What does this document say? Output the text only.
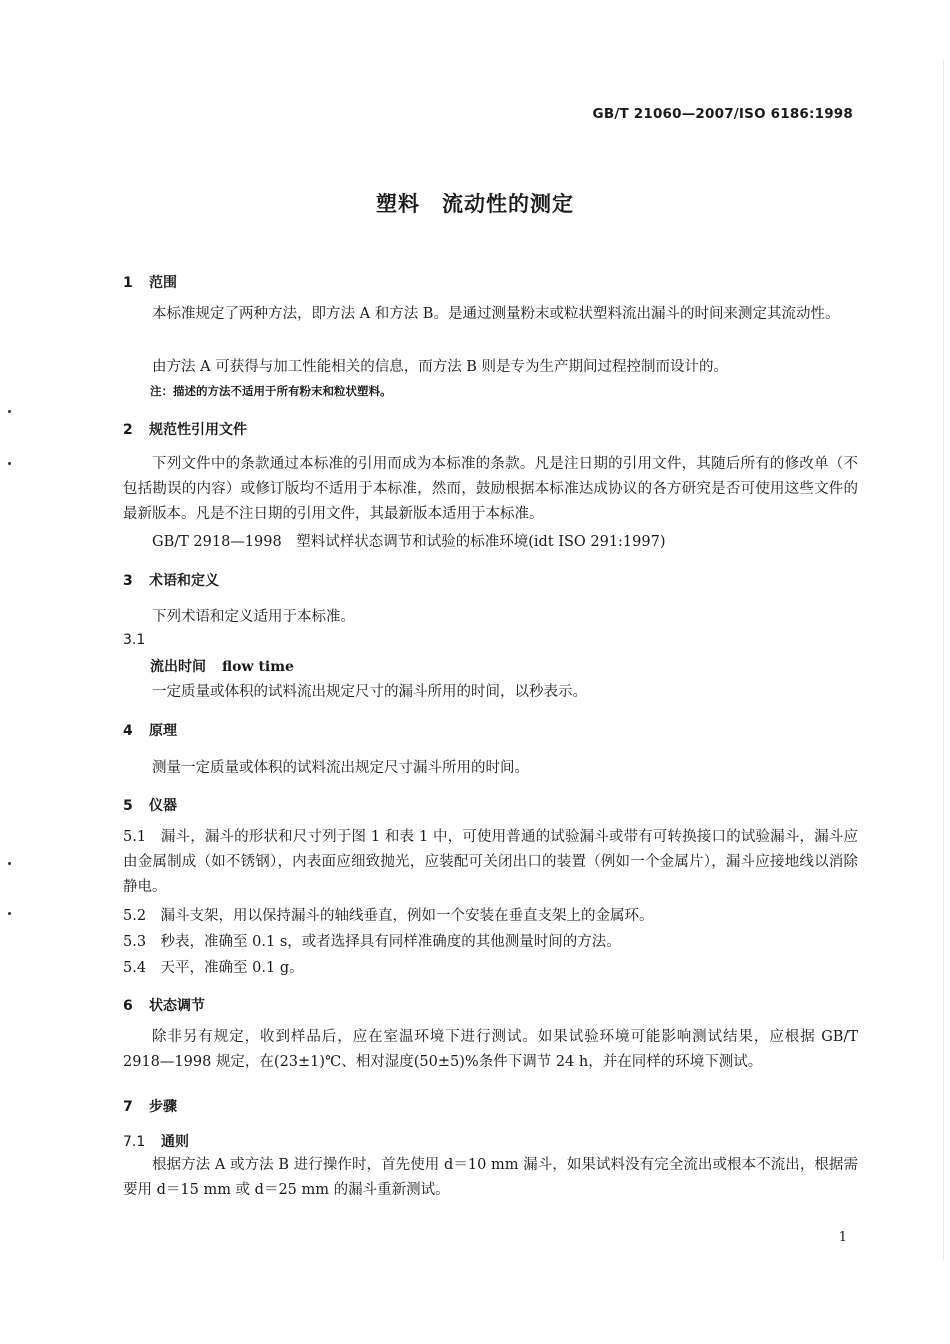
GB/T 21060—2007/ISO 6186:1998
塑料　流动性的测定
1 范围
本标准规定了两种方法，即方法 A 和方法 B。是通过测量粉末或粒状塑料流出漏斗的时间来测定其流动性。
由方法 A 可获得与加工性能相关的信息，而方法 B 则是专为生产期间过程控制而设计的。
注：描述的方法不适用于所有粉末和粒状塑料。
2 规范性引用文件
下列文件中的条款通过本标准的引用而成为本标准的条款。凡是注日期的引用文件，其随后所有的修改单（不包括勘误的内容）或修订版均不适用于本标准，然而，鼓励根据本标准达成协议的各方研究是否可使用这些文件的最新版本。凡是不注日期的引用文件，其最新版本适用于本标准。
GB/T 2918—1998　塑料试样状态调节和试验的标准环境(idt ISO 291:1997)
3 术语和定义
下列术语和定义适用于本标准。
3.1
流出时间 flow time
一定质量或体积的试料流出规定尺寸的漏斗所用的时间，以秒表示。
4 原理
测量一定质量或体积的试料流出规定尺寸漏斗所用的时间。
5 仪器
5.1　漏斗，漏斗的形状和尺寸列于图 1 和表 1 中，可使用普通的试验漏斗或带有可转换接口的试验漏斗，漏斗应由金属制成（如不锈钢），内表面应细致抛光，应装配可关闭出口的装置（例如一个金属片），漏斗应接地线以消除静电。
5.2　漏斗支架，用以保持漏斗的轴线垂直，例如一个安装在垂直支架上的金属环。
5.3　秒表，准确至 0.1 s，或者选择具有同样准确度的其他测量时间的方法。
5.4　天平，准确至 0.1 g。
6 状态调节
除非另有规定，收到样品后，应在室温环境下进行测试。如果试验环境可能影响测试结果，应根据 GB/T 2918—1998 规定，在(23±1)℃、相对湿度(50±5)%条件下调节 24 h，并在同样的环境下测试。
7 步骤
7.1 通则
根据方法 A 或方法 B 进行操作时，首先使用 d＝10 mm 漏斗，如果试料没有完全流出或根本不流出，根据需要用 d＝15 mm 或 d＝25 mm 的漏斗重新测试。
1
